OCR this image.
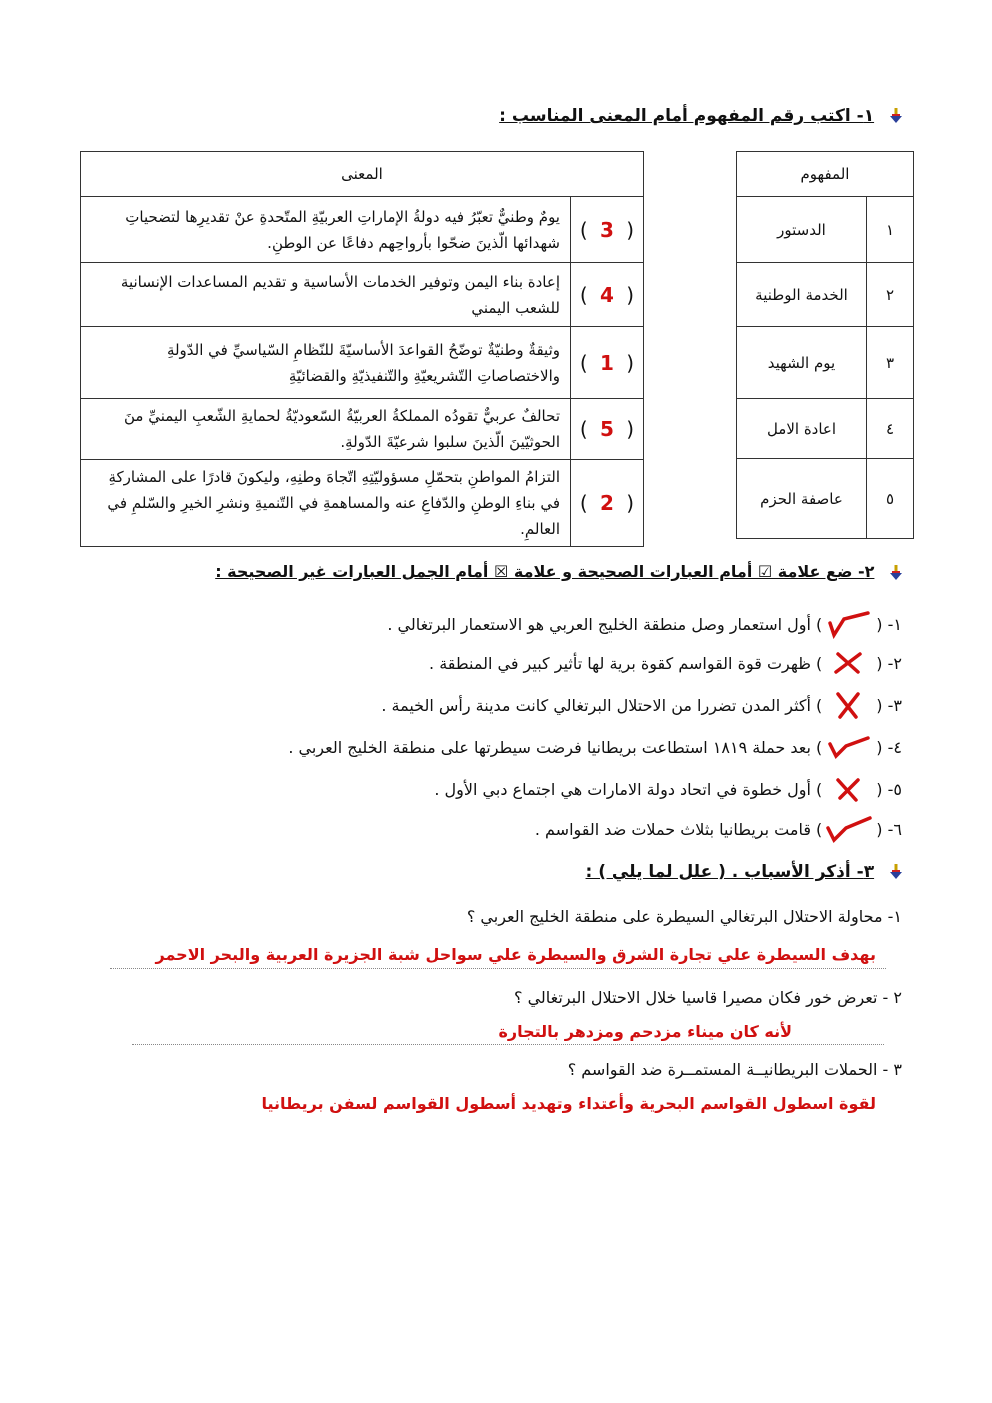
١- اكتب رقم المفهوم أمام المعنى المناسب :
المعنى	
( 3 )	يومٌ وطنيٌّ تعبّرُ فيه دولةُ الإماراتِ العربيّةِ المتّحدةِ عنْ تقديرِها لتضحياتِ شهدائها الّذينَ ضحّوا بأرواحِهم دفاعًا عن الوطنِ.
( 4 )	إعادة بناء اليمن وتوفير الخدمات الأساسية و تقديم المساعدات الإنسانية للشعب اليمني
( 1 )	وثيقةٌ وطنيّةٌ توضّحُ القواعدَ الأساسيّةَ للنّظامِ السّياسيِّ في الدّولةِ والاختصاصاتِ التّشريعيّةِ والتّنفيذيّةِ والقضائيّةِ
( 5 )	تحالفٌ عربيٌّ تقودُه المملكةُ العربيّةُ السّعوديّةُ لحمايةِ الشّعبِ اليمنيِّ منَ الحوثيّينَ الّذينَ سلبوا شرعيّةَ الدّولةِ.
( 2 )	التزامُ المواطنِ بتحمّلِ مسؤوليّتِهِ اتّجاهَ وطنِهِ، وليكونَ قادرًا على المشاركةِ في بناءِ الوطنِ والدّفاعِ عنه والمساهمةِ في التّنميةِ ونشرِ الخيرِ والسّلمِ في العالمِ.
المفهوم	
١	الدستور
٢	الخدمة الوطنية
٣	يوم الشهيد
٤	اعادة الامل
٥	عاصفة الحزم
٢- ضع علامة ☑ أمام العبارات الصحيحة و علامة ☒ أمام الجمل العبارات غير الصحيحة :
١- (
) أول استعمار وصل منطقة الخليج العربي هو الاستعمار البرتغالي .
٢- (
) ظهرت قوة القواسم كقوة برية لها تأثير كبير في المنطقة .
٣- (
) أكثر المدن تضررا من الاحتلال البرتغالي كانت مدينة رأس الخيمة .
٤- (
) بعد حملة ١٨١٩ استطاعت بريطانيا فرضت سيطرتها على منطقة الخليج العربي .
٥- (
) أول خطوة في اتحاد دولة الامارات هي اجتماع دبي الأول .
٦- (
) قامت بريطانيا بثلاث حملات ضد القواسم .
٣- أذكر الأسباب . ( علل لما يلي ) :
١- محاولة الاحتلال البرتغالي السيطرة على منطقة الخليج العربي ؟
بهدف السيطرة علي تجارة الشرق والسيطرة علي سواحل شبة الجزيرة العربية والبحر الاحمر
٢ - تعرض خور فكان مصيرا قاسيا خلال الاحتلال البرتغالي ؟
لأنه كان ميناء مزدحم ومزدهر بالتجارة
٣ - الحملات البريطانيــة المستمــرة ضد القواسم ؟
لقوة اسطول القواسم البحرية وأعتداء وتهديد أسطول القواسم لسفن بريطانيا
